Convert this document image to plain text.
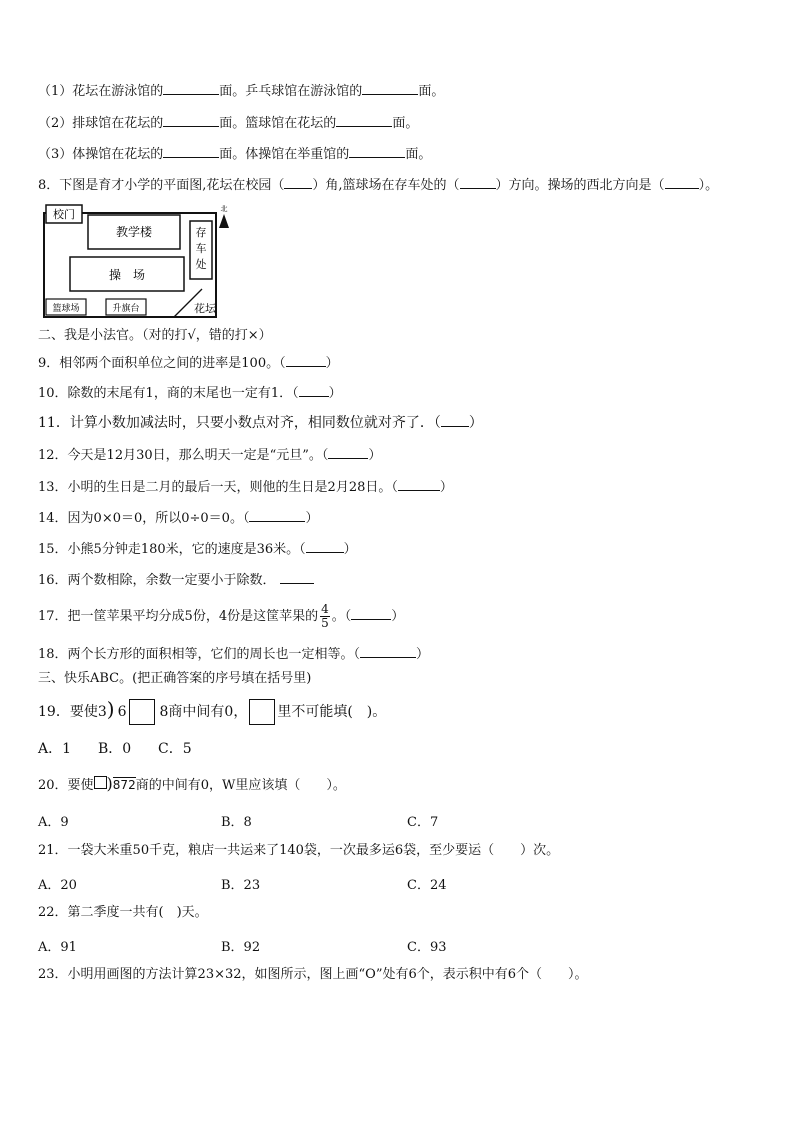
（1）花坛在游泳馆的	面。乒乓球馆在游泳馆的	面。
（2）排球馆在花坛的	面。篮球馆在花坛的	面。
（3）体操馆在花坛的	面。体操馆在举重馆的	面。
8．下图是育才小学的平面图,花坛在校园（ ）角,篮球场在存车处的（	）方向。操场的西北方向是（	）。
校门
教学楼	存
车
处
操　场
篮球场	升旗台	花坛
北
二、我是小法官。（对的打√，错的打×）
9．相邻两个面积单位之间的进率是100。（	）
10．除数的末尾有1，商的末尾也一定有1．（ ）
11．计算小数加减法时，只要小数点对齐，相同数位就对齐了．（ ）
12．今天是12月30日，那么明天一定是“元旦”。（	）
13．小明的生日是二月的最后一天，则他的生日是2月28日。（	）
14．因为0×0＝0，所以0÷0＝0。（	）
15．小熊5分钟走180米，它的速度是36米。（	）
16．两个数相除，余数一定要小于除数．
17．把一筐苹果平均分成5份，4份是这筐苹果的 $\frac{4}{5}$ 。（	）
18．两个长方形的面积相等，它们的周长也一定相等。（	）
三、快乐ABC。(把正确答案的序号填在括号里)
19．要使3) 6 8商中间有0， 里不可能填(　)。
A．1 B．0 C．5
20．要使 )872商的中间有0，W里应该填（　　）。
A．9	B．8	C．7
21．一袋大米重50千克，粮店一共运来了140袋，一次最多运6袋，至少要运（　　）次。
A．20	B．23	C．24
22．第二季度一共有(　)天。
A．91	B．92	C．93
23．小明用画图的方法计算23×32，如图所示，图上画“O”处有6个，表示积中有6个（　　）。
